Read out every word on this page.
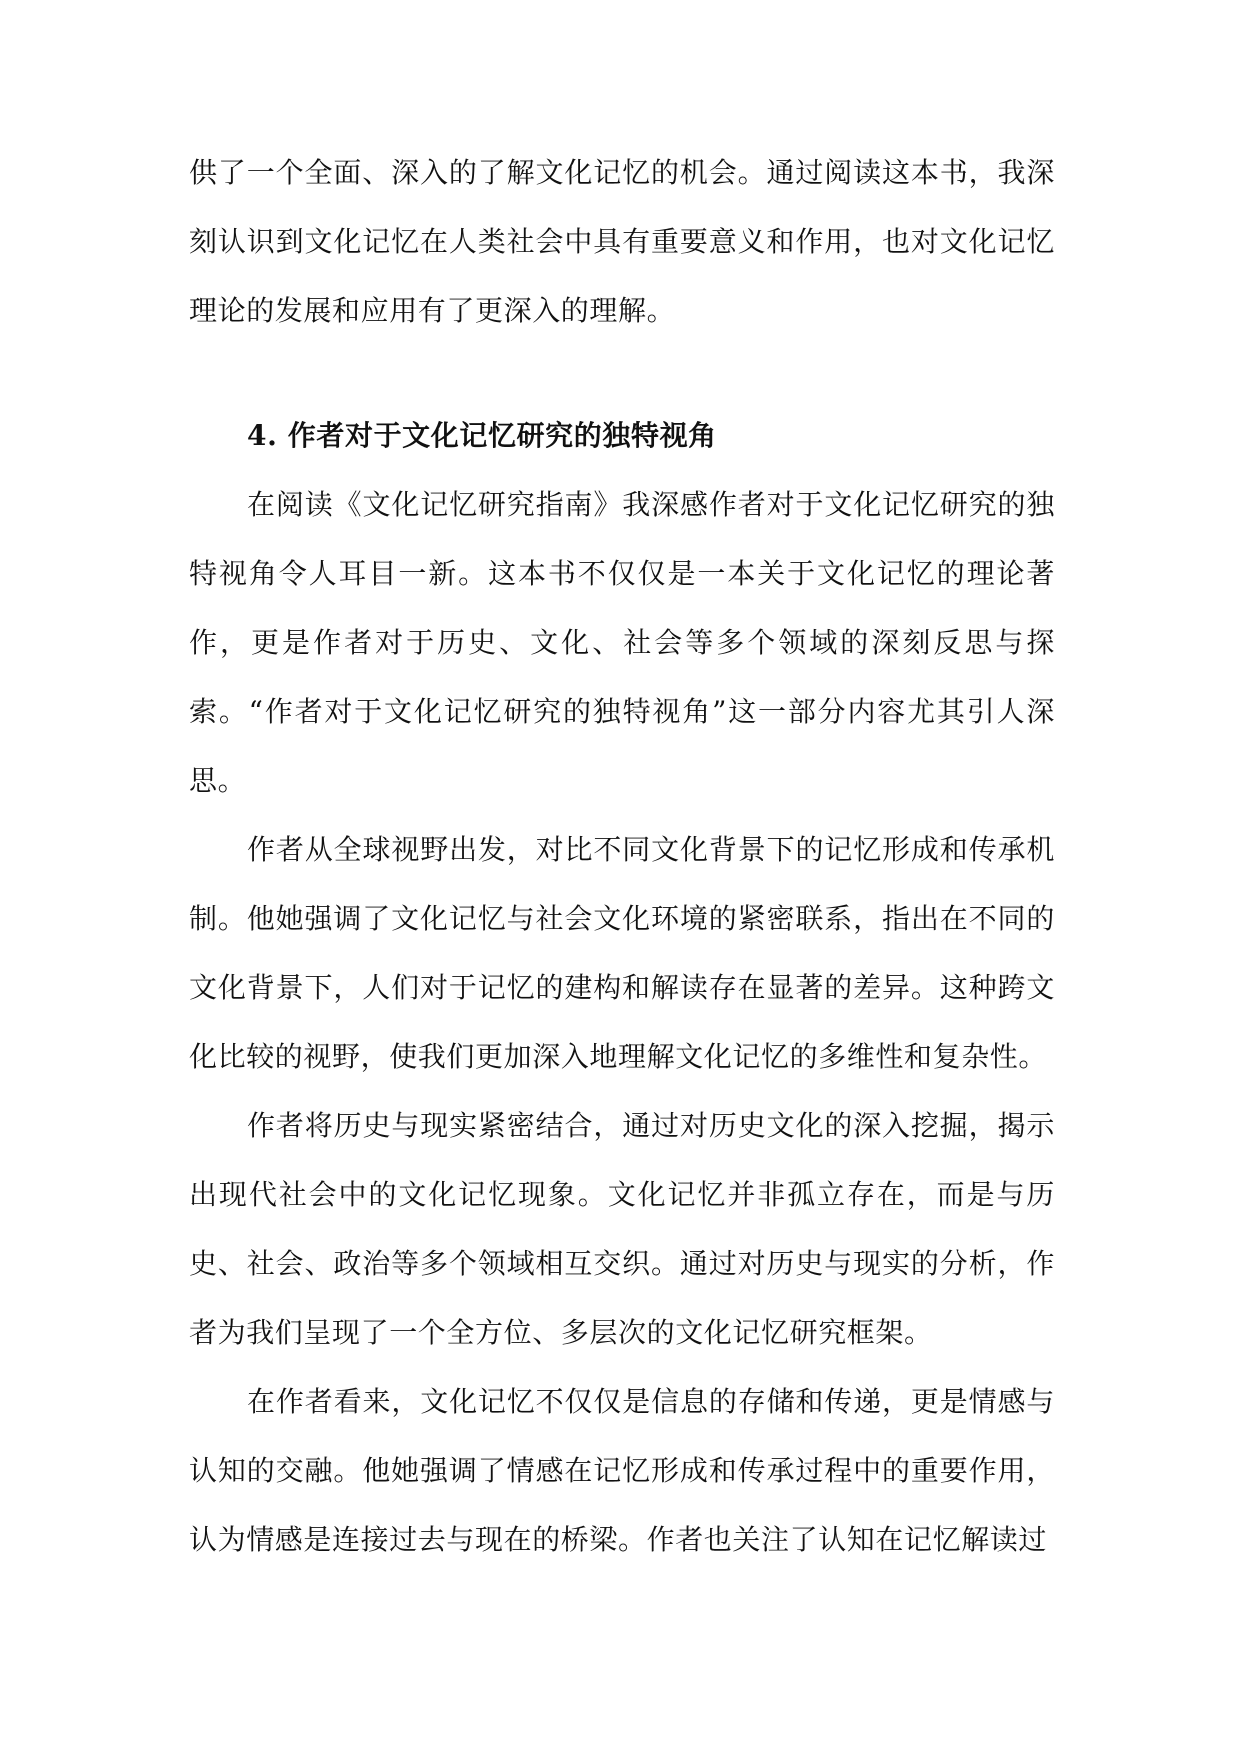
供了一个全面、深入的了解文化记忆的机会。通过阅读这本书，我深刻认识到文化记忆在人类社会中具有重要意义和作用，也对文化记忆理论的发展和应用有了更深入的理解。

4. 作者对于文化记忆研究的独特视角

在阅读《文化记忆研究指南》我深感作者对于文化记忆研究的独特视角令人耳目一新。这本书不仅仅是一本关于文化记忆的理论著作，更是作者对于历史、文化、社会等多个领域的深刻反思与探索。“作者对于文化记忆研究的独特视角”这一部分内容尤其引人深思。

作者从全球视野出发，对比不同文化背景下的记忆形成和传承机制。他她强调了文化记忆与社会文化环境的紧密联系，指出在不同的文化背景下，人们对于记忆的建构和解读存在显著的差异。这种跨文化比较的视野，使我们更加深入地理解文化记忆的多维性和复杂性。

作者将历史与现实紧密结合，通过对历史文化的深入挖掘，揭示出现代社会中的文化记忆现象。文化记忆并非孤立存在，而是与历史、社会、政治等多个领域相互交织。通过对历史与现实的分析，作者为我们呈现了一个全方位、多层次的文化记忆研究框架。

在作者看来，文化记忆不仅仅是信息的存储和传递，更是情感与认知的交融。他她强调了情感在记忆形成和传承过程中的重要作用，认为情感是连接过去与现在的桥梁。作者也关注了认知在记忆解读过
